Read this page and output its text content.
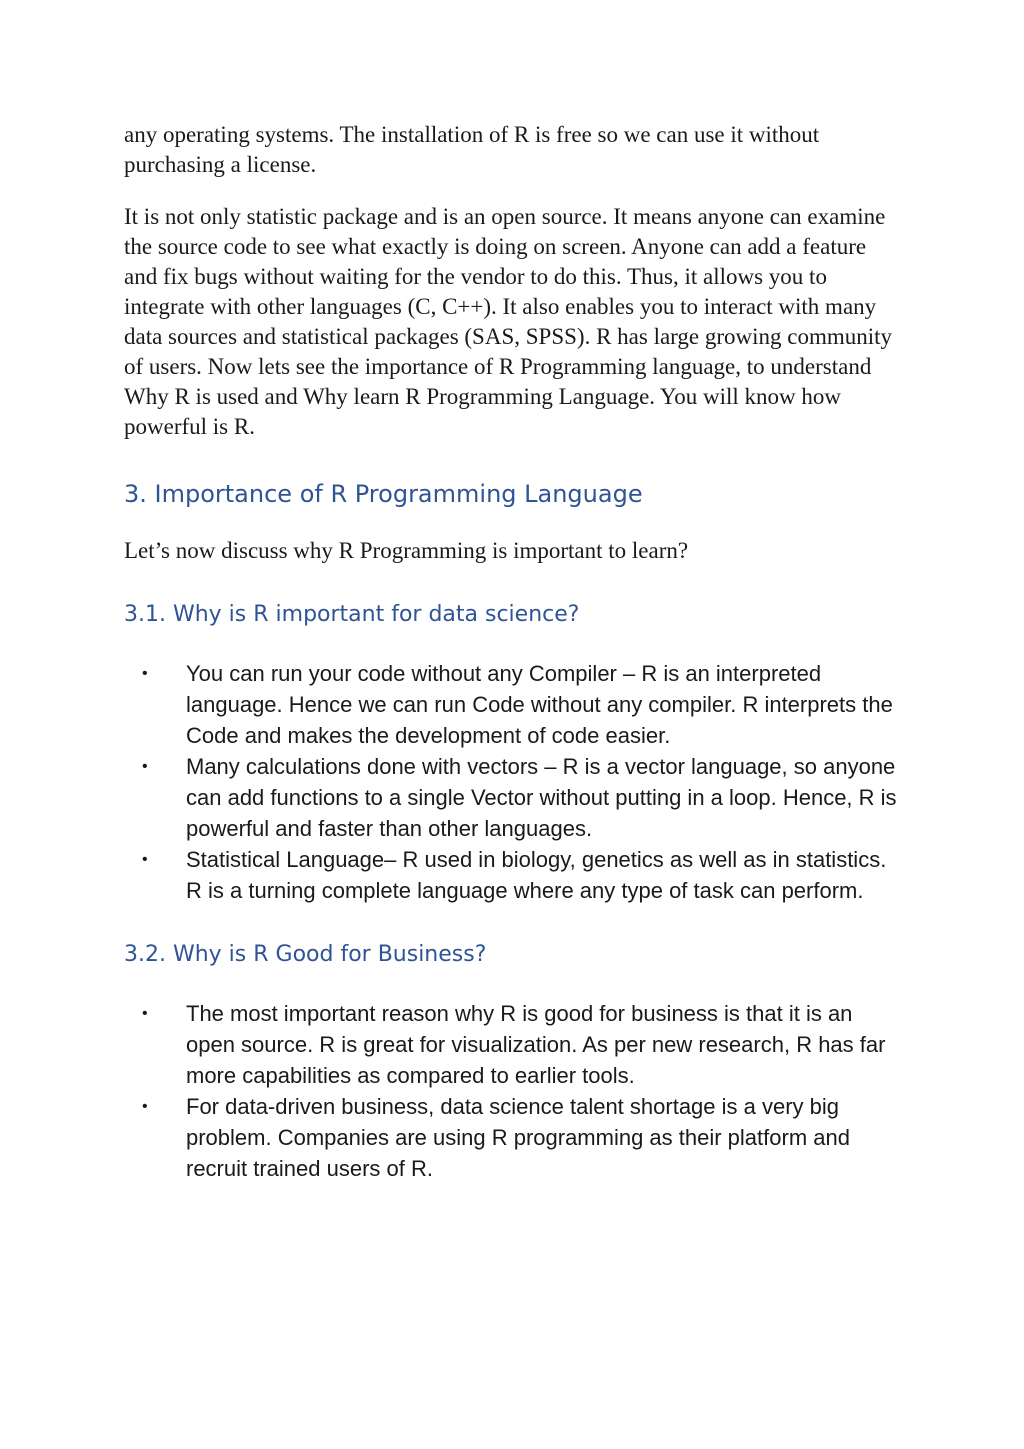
any operating systems. The installation of R is free so we can use it without purchasing a license.

It is not only statistic package and is an open source. It means anyone can examine the source code to see what exactly is doing on screen. Anyone can add a feature and fix bugs without waiting for the vendor to do this. Thus, it allows you to integrate with other languages (C, C++). It also enables you to interact with many data sources and statistical packages (SAS, SPSS). R has large growing community of users. Now lets see the importance of R Programming language, to understand Why R is used and Why learn R Programming Language. You will know how powerful is R.

3. Importance of R Programming Language

Let’s now discuss why R Programming is important to learn?

3.1. Why is R important for data science?
• You can run your code without any Compiler – R is an interpreted language. Hence we can run Code without any compiler. R interprets the Code and makes the development of code easier.
• Many calculations done with vectors – R is a vector language, so anyone can add functions to a single Vector without putting in a loop. Hence, R is powerful and faster than other languages.
• Statistical Language– R used in biology, genetics as well as in statistics. R is a turning complete language where any type of task can perform.
3.2. Why is R Good for Business?
• The most important reason why R is good for business is that it is an open source. R is great for visualization. As per new research, R has far more capabilities as compared to earlier tools.
• For data-driven business, data science talent shortage is a very big problem. Companies are using R programming as their platform and recruit trained users of R.
